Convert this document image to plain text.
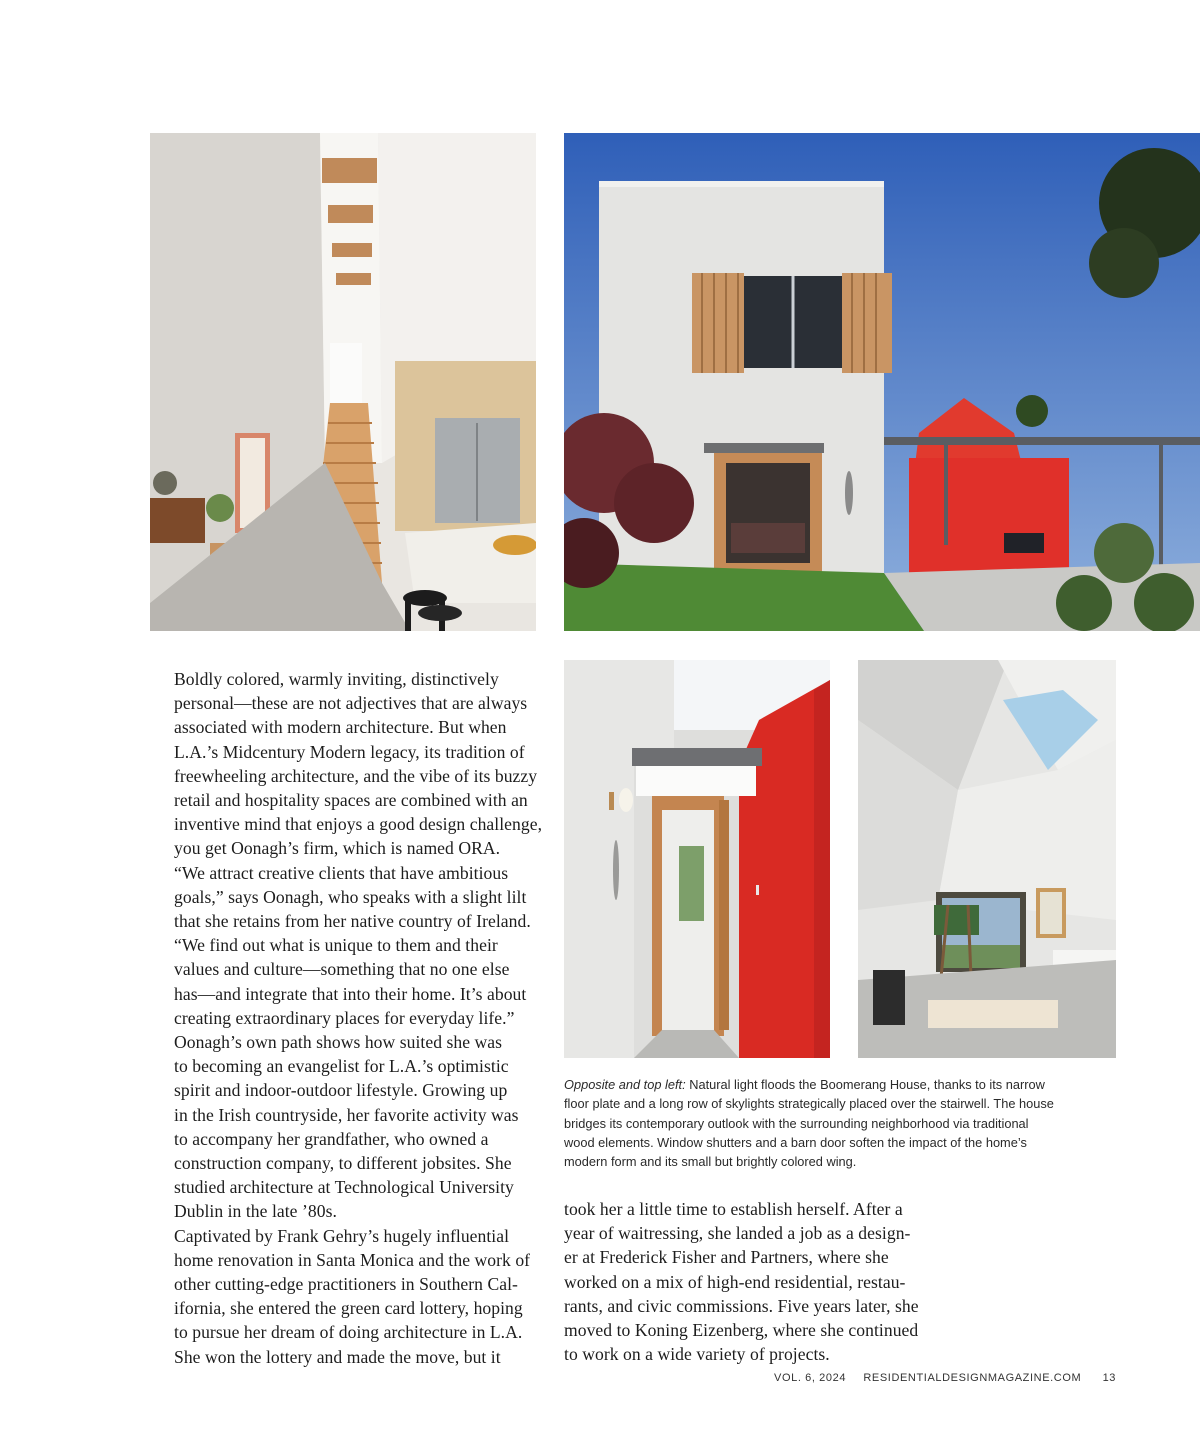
Boldly colored, warmly inviting, distinctively
personal—these are not adjectives that are always
associated with modern architecture. But when
L.A.’s Midcentury Modern legacy, its tradition of
freewheeling architecture, and the vibe of its buzzy
retail and hospitality spaces are combined with an
inventive mind that enjoys a good design challenge,
you get Oonagh’s firm, which is named ORA.

“We attract creative clients that have ambitious
goals,” says Oonagh, who speaks with a slight lilt
that she retains from her native country of Ireland.
“We find out what is unique to them and their
values and culture—something that no one else
has—and integrate that into their home. It’s about
creating extraordinary places for everyday life.”

Oonagh’s own path shows how suited she was
to becoming an evangelist for L.A.’s optimistic
spirit and indoor-outdoor lifestyle. Growing up
in the Irish countryside, her favorite activity was
to accompany her grandfather, who owned a
construction company, to different jobsites. She
studied architecture at Technological University
Dublin in the late ’80s.

Captivated by Frank Gehry’s hugely influential
home renovation in Santa Monica and the work of
other cutting-edge practitioners in Southern Cal-
ifornia, she entered the green card lottery, hoping
to pursue her dream of doing architecture in L.A.
She won the lottery and made the move, but it

Opposite and top left: Natural light floods the Boomerang House, thanks to its narrow
floor plate and a long row of skylights strategically placed over the stairwell. The house
bridges its contemporary outlook with the surrounding neighborhood via traditional
wood elements. Window shutters and a barn door soften the impact of the home’s
modern form and its small but brightly colored wing.

took her a little time to establish herself. After a
year of waitressing, she landed a job as a design-
er at Frederick Fisher and Partners, where she
worked on a mix of high-end residential, restau-
rants, and civic commissions. Five years later, she
moved to Koning Eizenberg, where she continued
to work on a wide variety of projects.

VOL. 6, 2024 RESIDENTIALDESIGNMAGAZINE.COM 13
